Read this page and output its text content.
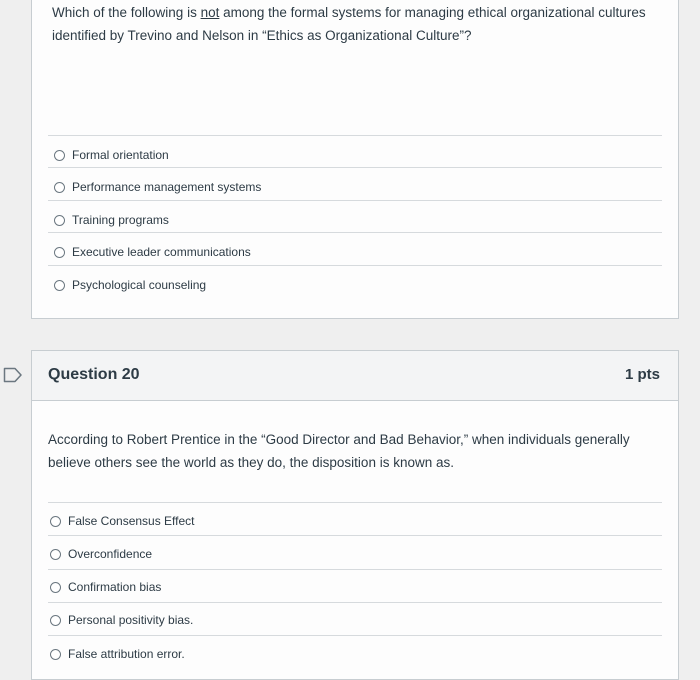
Which of the following is not among the formal systems for managing ethical organizational cultures identified by Trevino and Nelson in “Ethics as Organizational Culture”?
Formal orientation
Performance management systems
Training programs
Executive leader communications
Psychological counseling
Question 20	1 pts
According to Robert Prentice in the “Good Director and Bad Behavior,” when individuals generally believe others see the world as they do, the disposition is known as.
False Consensus Effect
Overconfidence
Confirmation bias
Personal positivity bias.
False attribution error.
